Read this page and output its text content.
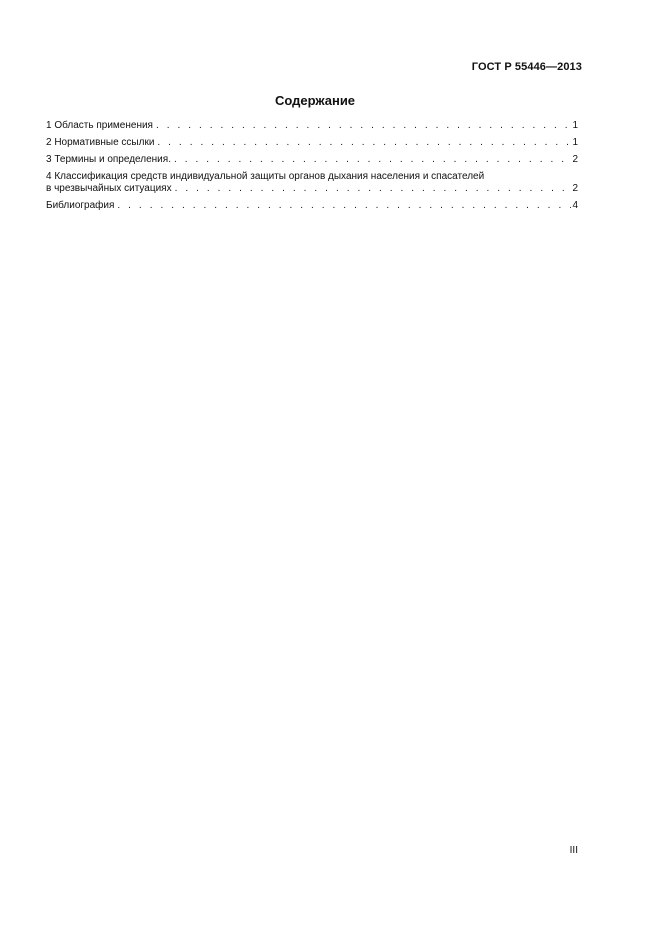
ГОСТ Р 55446—2013
Содержание
1 Область применения . . .	1
2 Нормативные ссылки . . .	1
3 Термины и определения. . . .	2
4 Классификация средств индивидуальной защиты органов дыхания населения и спасателей
в чрезвычайных ситуациях . . .	2
Библиография . . .	4
III
